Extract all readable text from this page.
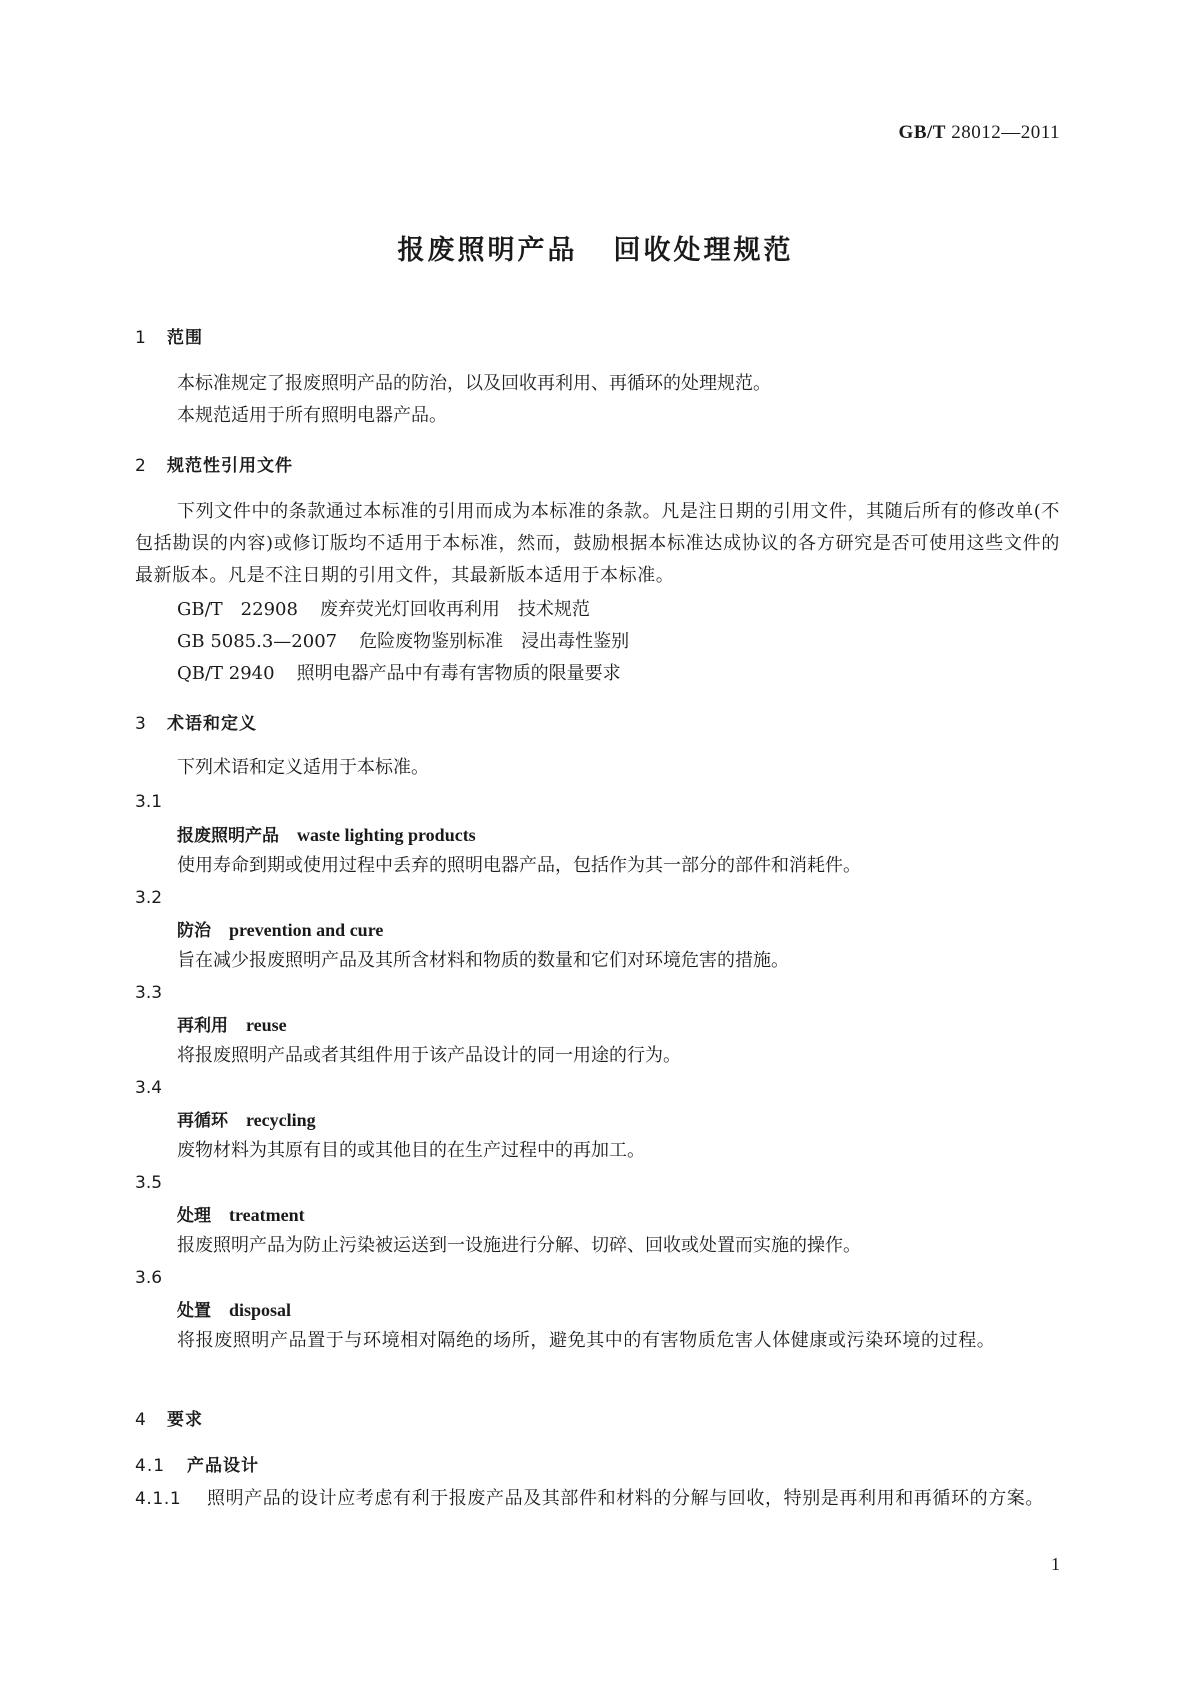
GB/T 28012—2011
报废照明产品 回收处理规范
1 范围
本标准规定了报废照明产品的防治，以及回收再利用、再循环的处理规范。
本规范适用于所有照明电器产品。
2 规范性引用文件
下列文件中的条款通过本标准的引用而成为本标准的条款。凡是注日期的引用文件，其随后所有的修改单(不包括勘误的内容)或修订版均不适用于本标准，然而，鼓励根据本标准达成协议的各方研究是否可使用这些文件的最新版本。凡是不注日期的引用文件，其最新版本适用于本标准。
GB/T　22908 废弃荧光灯回收再利用　技术规范
GB 5085.3—2007 危险废物鉴别标准　浸出毒性鉴别
QB/T 2940 照明电器产品中有毒有害物质的限量要求
3 术语和定义
下列术语和定义适用于本标准。
3.1
报废照明产品 waste lighting products
使用寿命到期或使用过程中丢弃的照明电器产品，包括作为其一部分的部件和消耗件。
3.2
防治 prevention and cure
旨在减少报废照明产品及其所含材料和物质的数量和它们对环境危害的措施。
3.3
再利用 reuse
将报废照明产品或者其组件用于该产品设计的同一用途的行为。
3.4
再循环 recycling
废物材料为其原有目的或其他目的在生产过程中的再加工。
3.5
处理 treatment
报废照明产品为防止污染被运送到一设施进行分解、切碎、回收或处置而实施的操作。
3.6
处置 disposal
将报废照明产品置于与环境相对隔绝的场所，避免其中的有害物质危害人体健康或污染环境的过程。
4 要求
4.1 产品设计
4.1.1 照明产品的设计应考虑有利于报废产品及其部件和材料的分解与回收，特别是再利用和再循环的方案。
1
